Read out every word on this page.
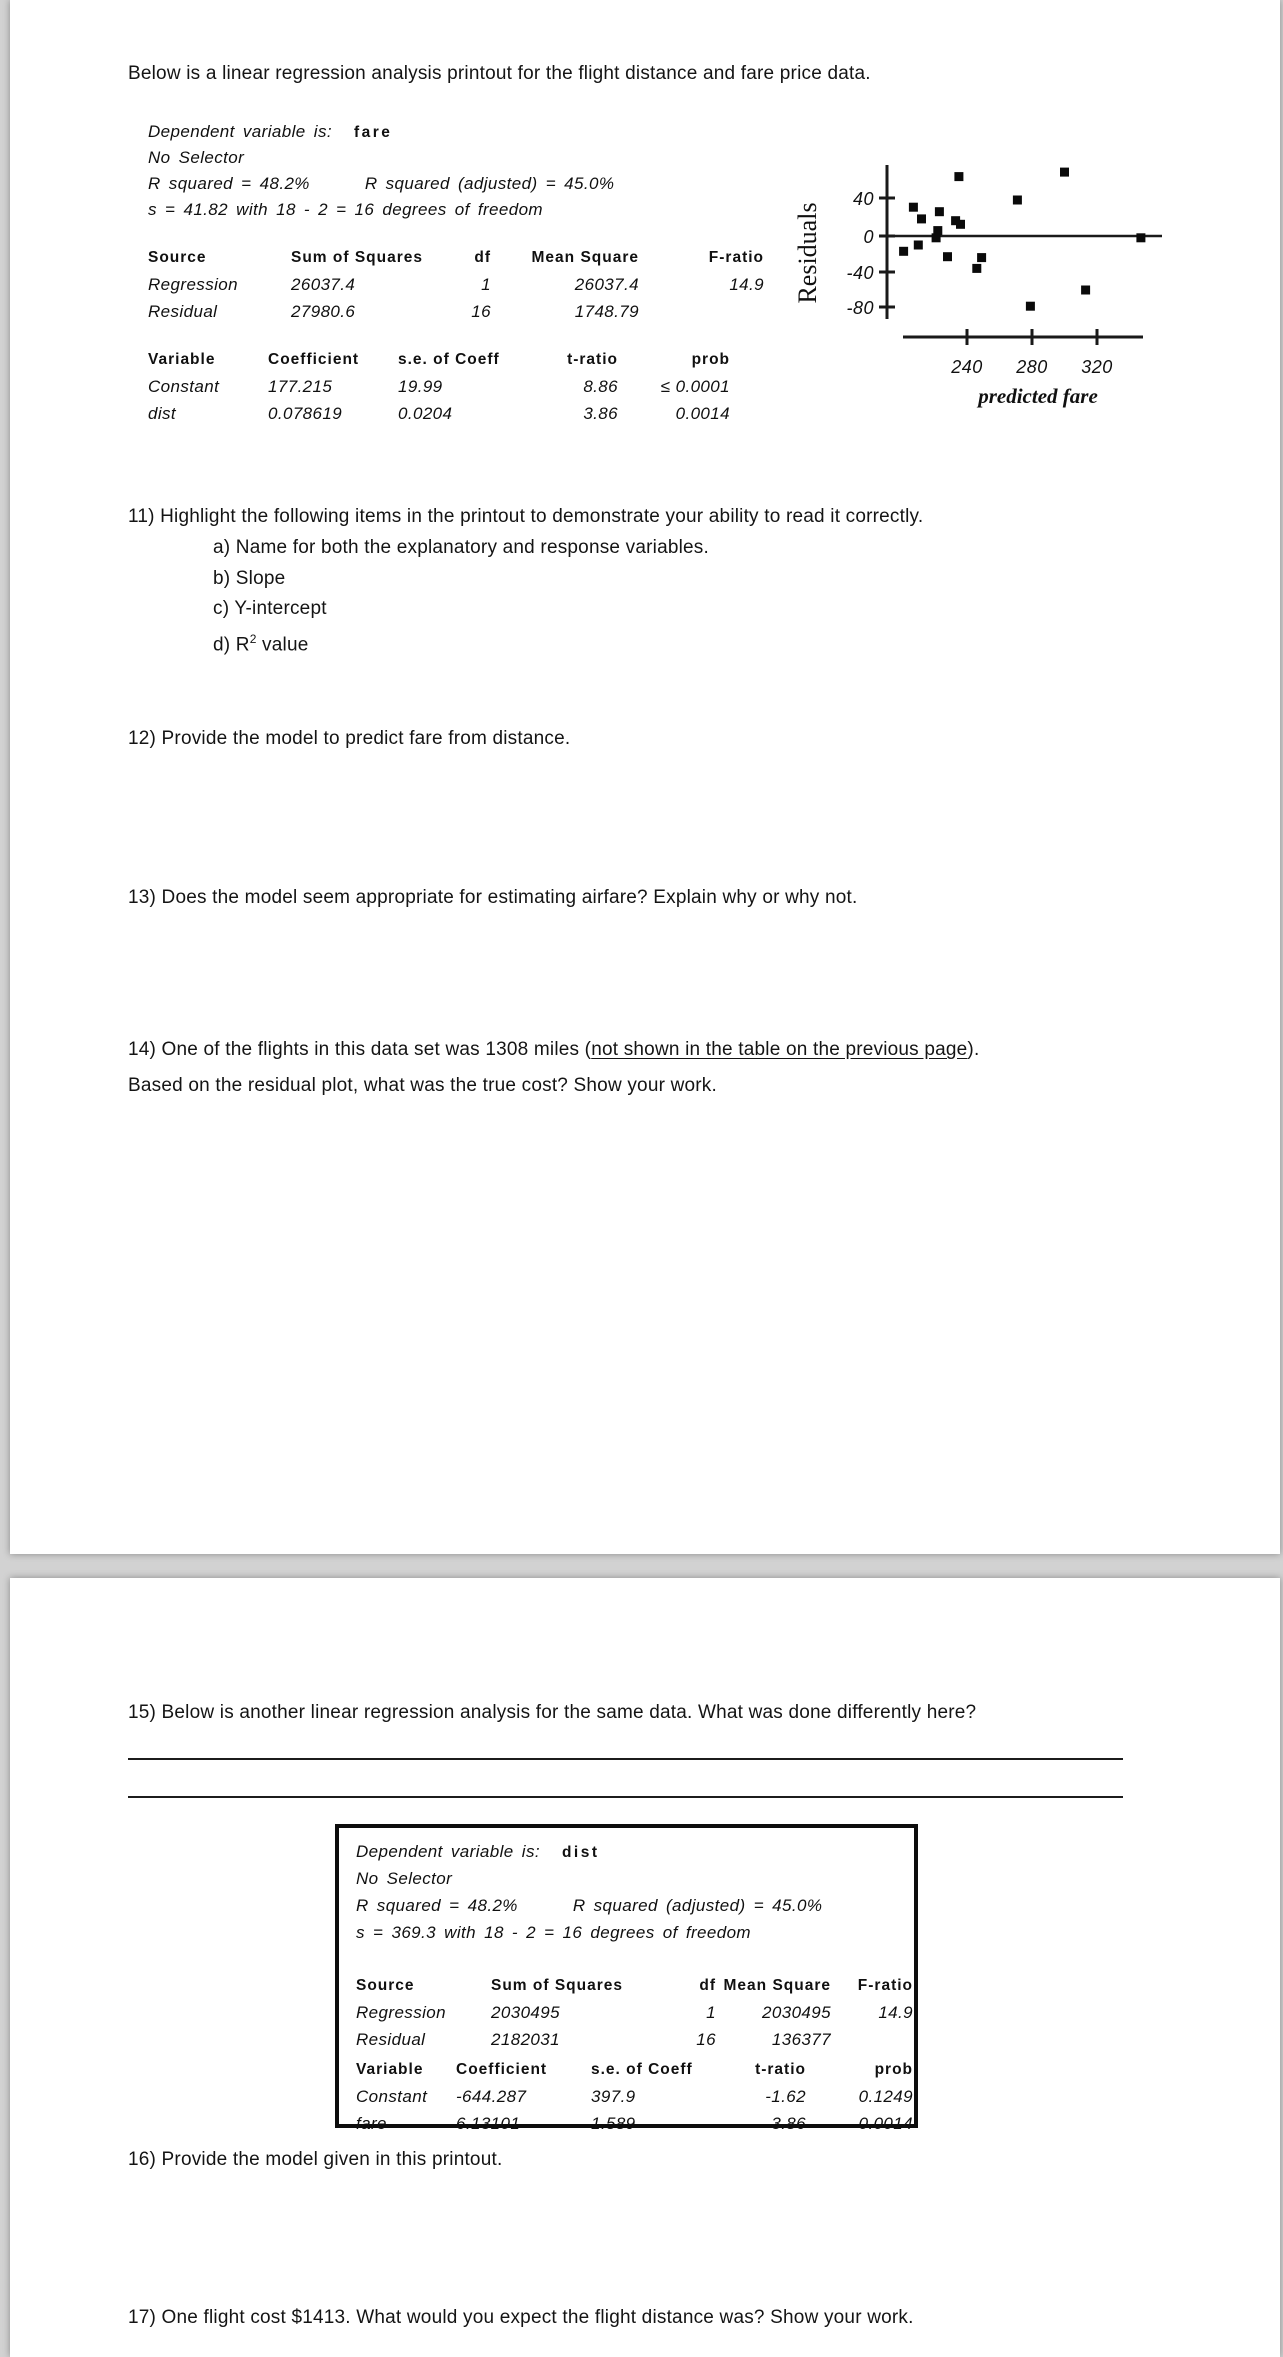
Below is a linear regression analysis printout for the flight distance and fare price data.
Dependent variable is: fare
No Selector
R squared = 48.2%	R squared (adjusted) = 45.0%
s = 41.82 with 18 - 2 = 16 degrees of freedom
Source	Sum of Squares	df	Mean Square	F-ratio
Regression	26037.4	1	26037.4	14.9
Residual	27980.6	16	1748.79	
Variable	Coefficient	s.e. of Coeff	t-ratio	prob
Constant	177.215	19.99	8.86	≤ 0.0001
dist	0.078619	0.0204	3.86	0.0014
Residuals
40
0
-40
-80
240 280 320
predicted fare
11) Highlight the following items in the printout to demonstrate your ability to read it correctly.
a) Name for both the explanatory and response variables.
b) Slope
c) Y-intercept
d) $R^2$ value
12) Provide the model to predict fare from distance.
13) Does the model seem appropriate for estimating airfare? Explain why or why not.
14) One of the flights in this data set was 1308 miles (not shown in the table on the previous page).
Based on the residual plot, what was the true cost? Show your work.
15) Below is another linear regression analysis for the same data. What was done differently here?
Dependent variable is: dist
No Selector
R squared = 48.2%	R squared (adjusted) = 45.0%
s = 369.3 with 18 - 2 = 16 degrees of freedom
Source	Sum of Squares	df	Mean Square	F-ratio
Regression	2030495	1	2030495	14.9
Residual	2182031	16	136377	
Variable	Coefficient	s.e. of Coeff	t-ratio	prob
Constant	-644.287	397.9	-1.62	0.1249
fare	6.13101	1.589	3.86	0.0014
16) Provide the model given in this printout.
17) One flight cost $1413. What would you expect the flight distance was? Show your work.
